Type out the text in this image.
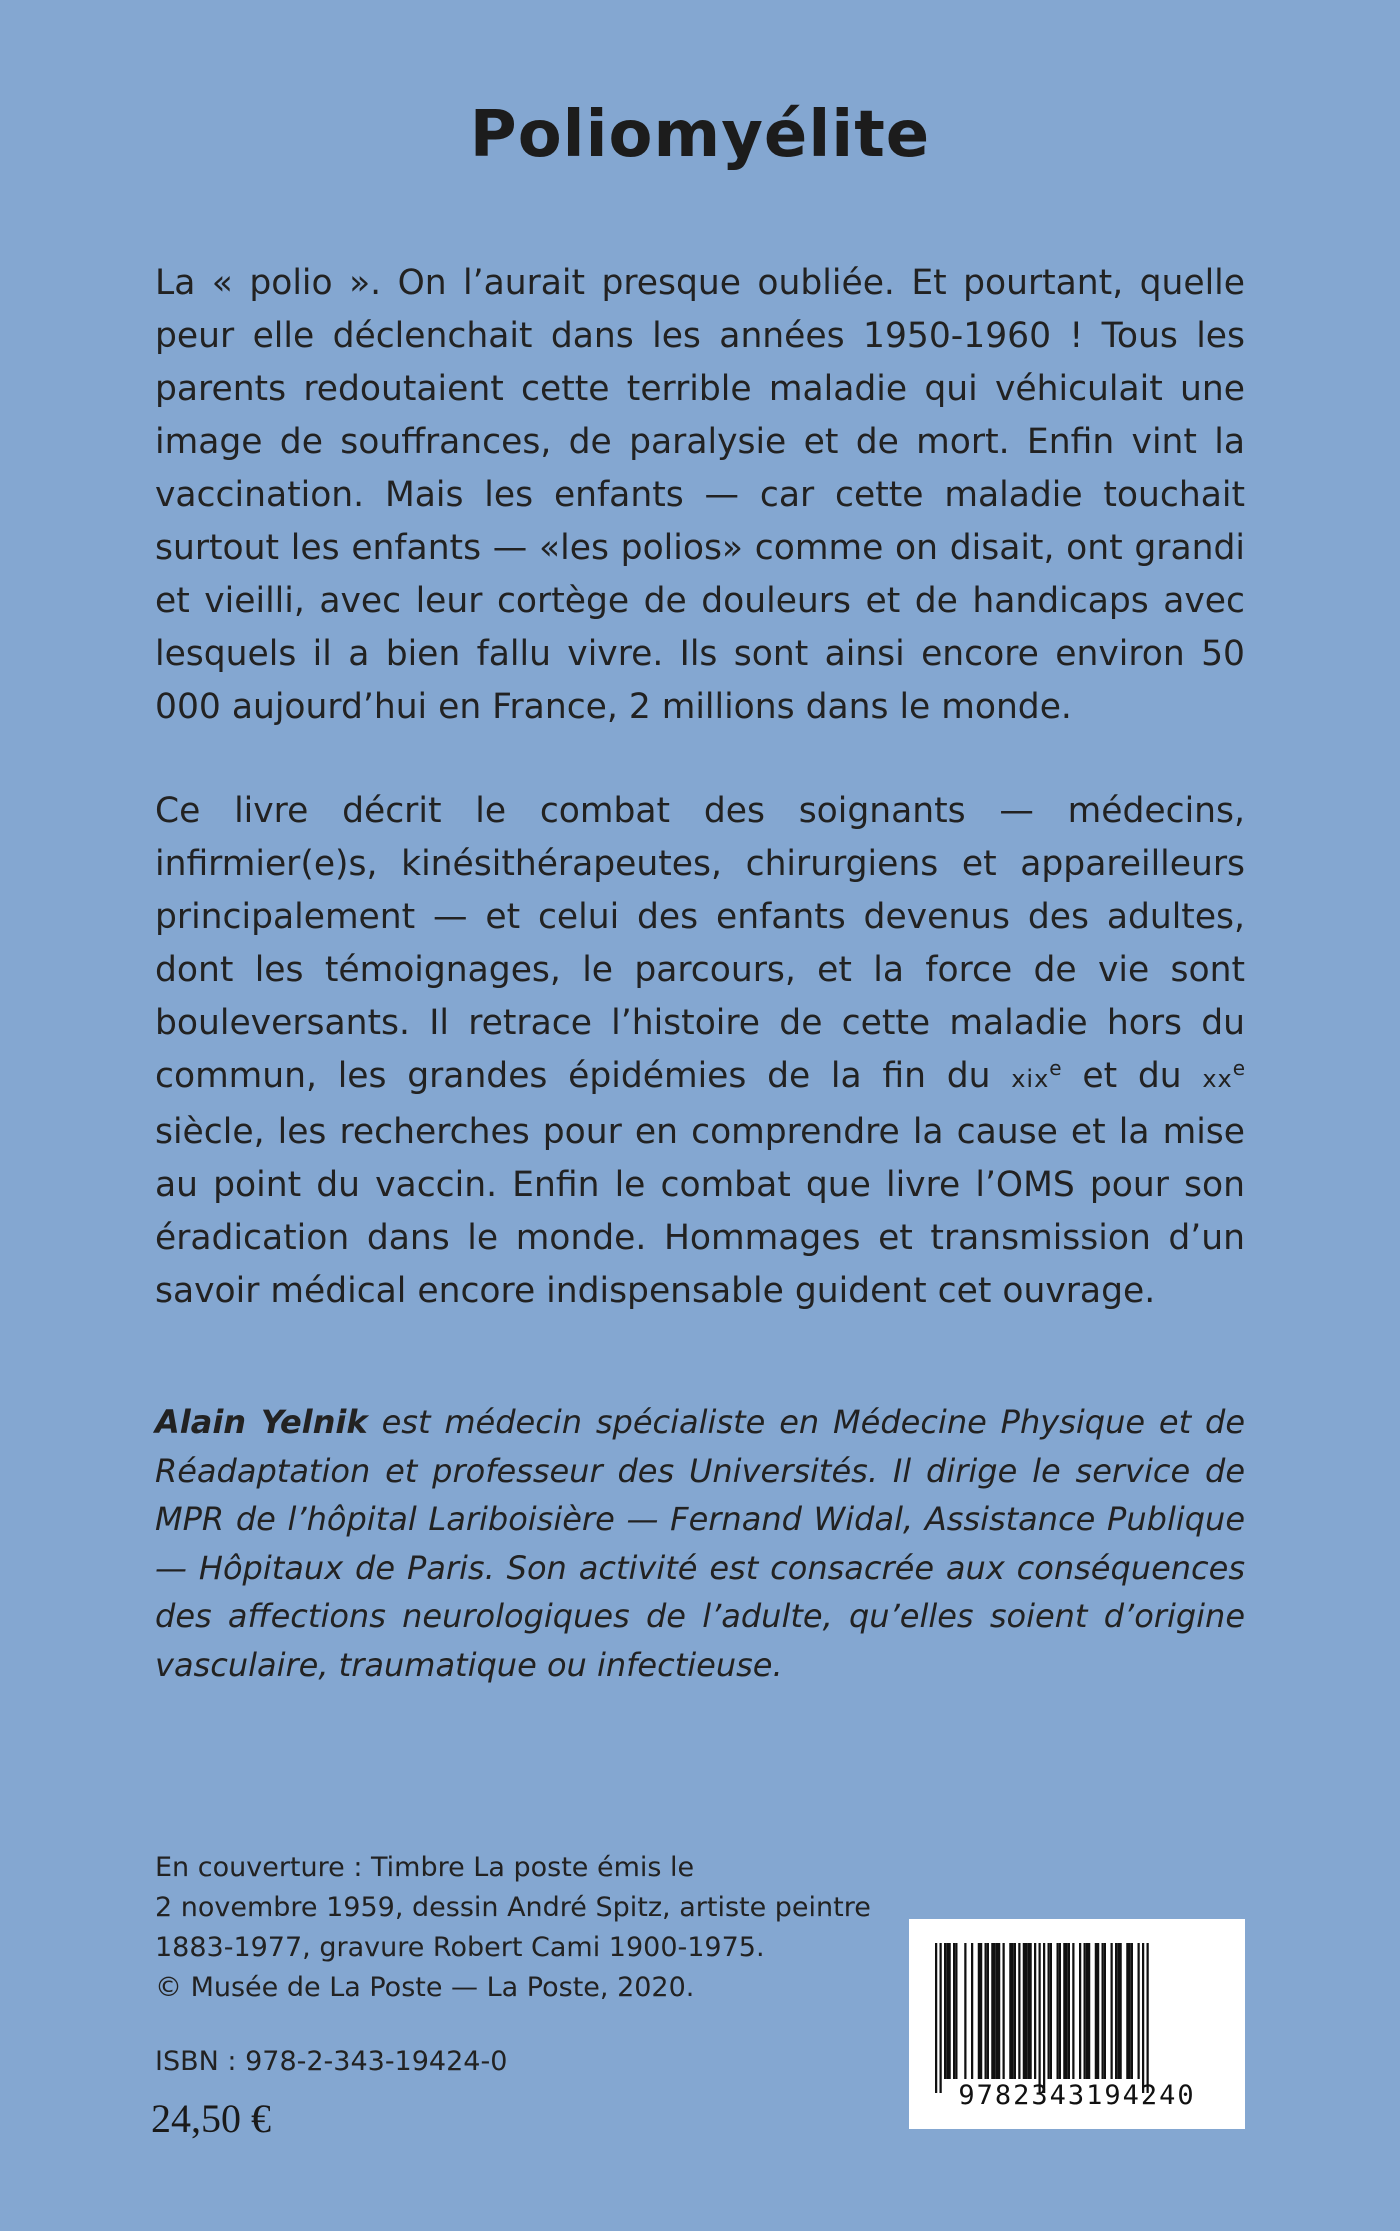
Poliomyélite

La « polio ». On l’aurait presque oubliée. Et pourtant, quelle peur elle déclenchait dans les années 1950-1960 ! Tous les parents redoutaient cette terrible maladie qui véhiculait une image de souffrances, de paralysie et de mort. Enfin vint la vaccination. Mais les enfants — car cette maladie touchait surtout les enfants — «les polios» comme on disait, ont grandi et vieilli, avec leur cortège de douleurs et de handicaps avec lesquels il a bien fallu vivre. Ils sont ainsi encore environ 50 000 aujourd’hui en France, 2 millions dans le monde.

Ce livre décrit le combat des soignants — médecins, infirmier(e)s, kinésithérapeutes, chirurgiens et appareilleurs principalement — et celui des enfants devenus des adultes, dont les témoignages, le parcours, et la force de vie sont bouleversants. Il retrace l’histoire de cette maladie hors du commun, les grandes épidémies de la fin du xix$^e$ et du $xx^e$ siècle, les recherches pour en comprendre la cause et la mise au point du vaccin. Enfin le combat que livre l’OMS pour son éradication dans le monde. Hommages et transmission d’un savoir médical encore indispensable guident cet ouvrage.

Alain Yelnik est médecin spécialiste en Médecine Physique et de Réadaptation et professeur des Universités. Il dirige le service de MPR de l’hôpital Lariboisière — Fernand Widal, Assistance Publique — Hôpitaux de Paris. Son activité est consacrée aux conséquences des affections neurologiques de l’adulte, qu’elles soient d’origine vasculaire, traumatique ou infectieuse.

En couverture : Timbre La poste émis le
2 novembre 1959, dessin André Spitz, artiste peintre
1883-1977, gravure Robert Cami 1900-1975.
© Musée de La Poste — La Poste, 2020.
ISBN : 978-2-343-19424-0
24,50 €
9782343194240
